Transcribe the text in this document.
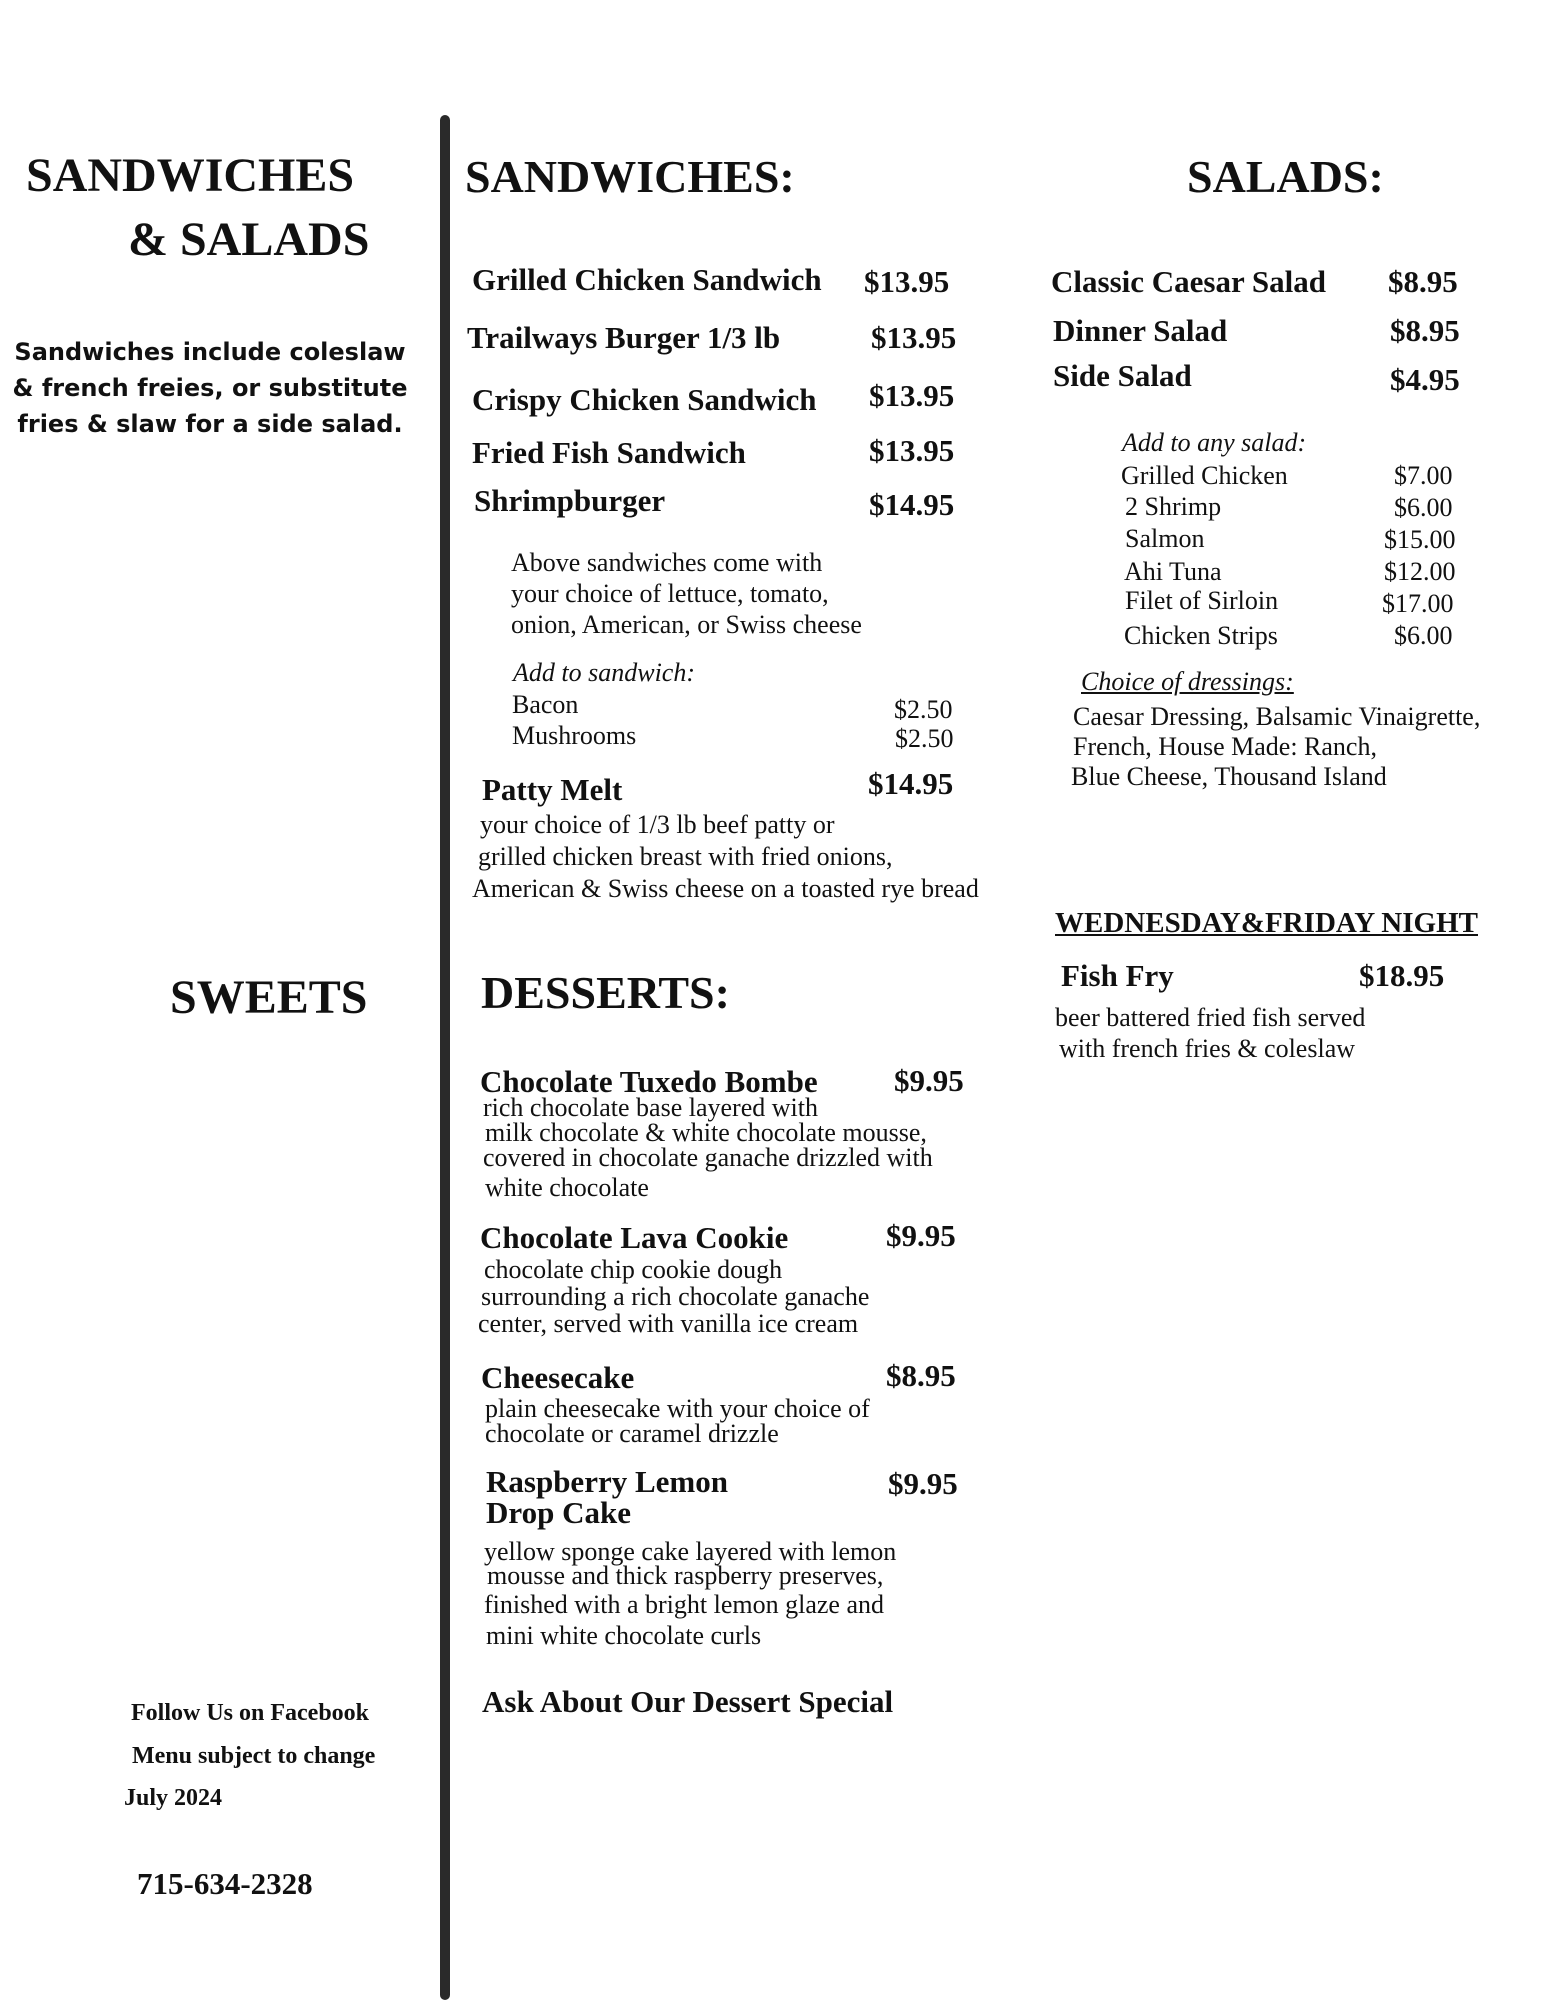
SANDWICHES
& SALADS
Sandwiches include coleslaw
& french freies, or substitute
fries & slaw for a side salad.
SWEETS
Follow Us on Facebook
Menu subject to change
July 2024
715-634-2328
SANDWICHES:
Grilled Chicken Sandwich $13.95
Trailways Burger 1/3 lb	$13.95
Crispy Chicken Sandwich $13.95
Fried Fish Sandwich	$13.95
Shrimpburger	$14.95
Above sandwiches come with
your choice of lettuce, tomato,
onion, American, or Swiss cheese
Add to sandwich:
Bacon	$2.50
Mushrooms	$2.50
Patty Melt	$14.95
your choice of 1/3 lb beef patty or
grilled chicken breast with fried onions,
American & Swiss cheese on a toasted rye bread
SALADS:
Classic Caesar Salad $8.95
Dinner Salad	$8.95
Side Salad	$4.95
Add to any salad:
Grilled Chicken	$7.00
2 Shrimp	$6.00
Salmon	$15.00
Ahi Tuna	$12.00
Filet of Sirloin	$17.00
Chicken Strips	$6.00
Choice of dressings:
Caesar Dressing, Balsamic Vinaigrette,
French, House Made: Ranch,
Blue Cheese, Thousand Island
WEDNESDAY&FRIDAY NIGHT
Fish Fry	$18.95
beer battered fried fish served
with french fries & coleslaw
DESSERTS:
Chocolate Tuxedo Bombe $9.95
rich chocolate base layered with
milk chocolate & white chocolate mousse,
covered in chocolate ganache drizzled with
white chocolate
Chocolate Lava Cookie	$9.95
chocolate chip cookie dough
surrounding a rich chocolate ganache
center, served with vanilla ice cream
Cheesecake	$8.95
plain cheesecake with your choice of
chocolate or caramel drizzle
Raspberry Lemon
Drop Cake
$9.95
yellow sponge cake layered with lemon
mousse and thick raspberry preserves,
finished with a bright lemon glaze and
mini white chocolate curls
Ask About Our Dessert Special
